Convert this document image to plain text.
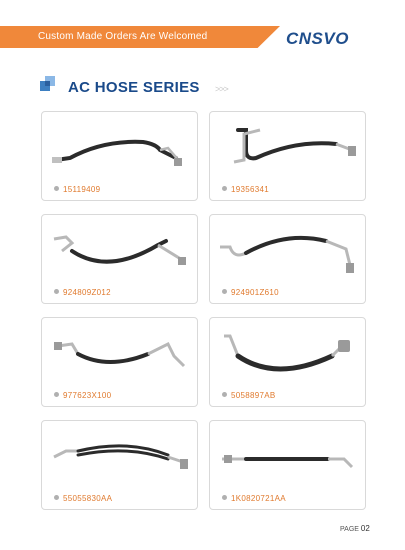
Custom Made Orders Are Welcomed	CNSVO
AC HOSE SERIES >>>
15119409	19356341
924809Z012	924901Z610
977623X100	5058897AB
55055830AA	1K0820721AA
PAGE 02
